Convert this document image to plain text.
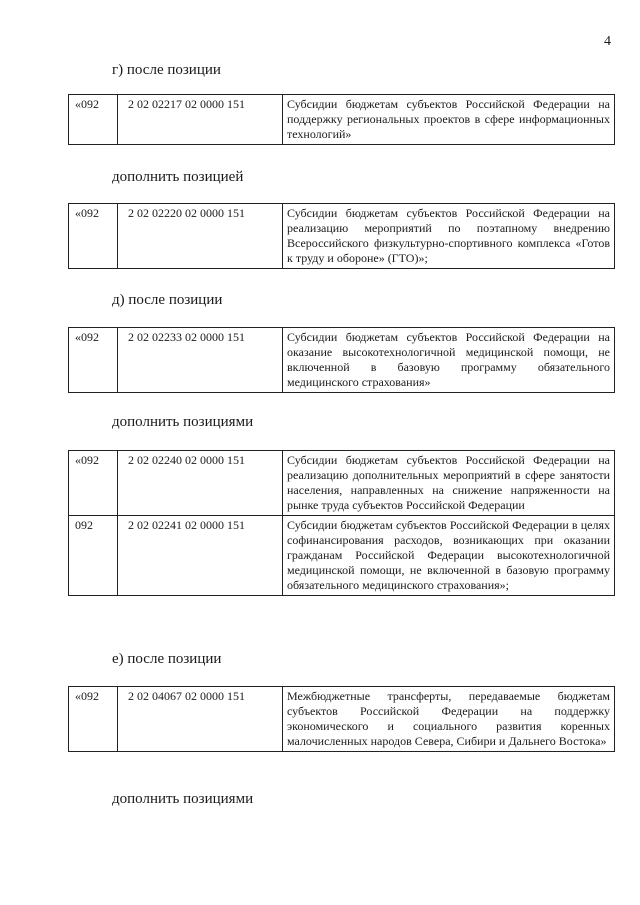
4
г) после позиции
«092	2 02 02217 02 0000 151	Субсидии бюджетам субъектов Российской Федерации на поддержку региональных проектов в сфере информационных технологий»
дополнить позицией
«092	2 02 02220 02 0000 151	Субсидии бюджетам субъектов Российской Федерации на реализацию мероприятий по поэтапному внедрению Всероссийского физкультурно-спортивного комплекса «Готов к труду и обороне» (ГТО)»;
д) после позиции
«092	2 02 02233 02 0000 151	Субсидии бюджетам субъектов Российской Федерации на оказание высокотехнологичной медицинской помощи, не включенной в базовую программу обязательного медицинского страхования»
дополнить позициями
«092	2 02 02240 02 0000 151	Субсидии бюджетам субъектов Российской Федерации на реализацию дополнительных мероприятий в сфере занятости населения, направленных на снижение напряженности на рынке труда субъектов Российской Федерации
092	2 02 02241 02 0000 151	Субсидии бюджетам субъектов Российской Федерации в целях софинансирования расходов, возникающих при оказании гражданам Российской Федерации высокотехнологичной медицинской помощи, не включенной в базовую программу обязательного медицинского страхования»;
е) после позиции
«092	2 02 04067 02 0000 151	Межбюджетные трансферты, передаваемые бюджетам субъектов Российской Федерации на поддержку экономического и социального развития коренных малочисленных народов Севера, Сибири и Дальнего Востока»
дополнить позициями
